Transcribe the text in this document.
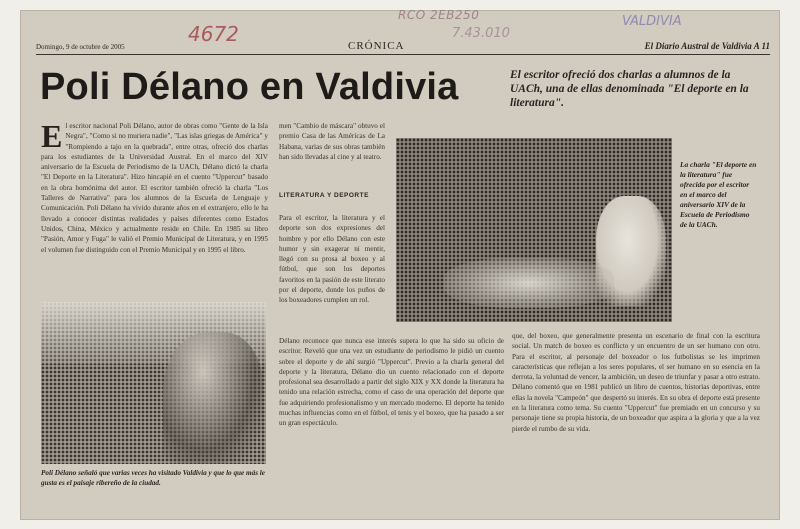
4672
RCO 2EB250
7.43.010
VALDIVIA
Domingo, 9 de octubre de 2005	CRÓNICA	El Diario Austral de Valdivia A 11
Poli Délano en Valdivia	El escritor ofreció dos charlas a alumnos de la UACh, una de ellas denominada "El deporte en la literatura".
El escritor nacional Poli Délano, autor de obras como "Gente de la Isla Negra", "Como si no muriera nadie", "Las islas griegas de América" y "Rompiendo a tajo en la quebrada", entre otras, ofreció dos charlas para los estudiantes de la Universidad Austral. En el marco del XIV aniversario de la Escuela de Periodismo de la UACh, Délano dictó la charla "El Deporte en la Literatura". Hizo hincapié en el cuento "Uppercut" basado en la obra homónima del autor. El escritor también ofreció la charla "Los Talleres de Narrativa" para los alumnos de la Escuela de Lenguaje y Comunicación. Poli Délano ha vivido durante años en el extranjero, ello le ha llevado a conocer distintas realidades y países diferentes como Estados Unidos, China, México y actualmente reside en Chile. En 1985 su libro "Pasión, Amor y Fuga" le valió el Premio Municipal de Literatura, y en 1995 el volumen fue distinguido con el Premio Municipal y en 1995 el libro.
men "Cambio de máscara" obtuvo el premio Casa de las Américas de La Habana, varias de sus obras también han sido llevadas al cine y al teatro.
LITERATURA Y DEPORTE
Para el escritor, la literatura y el deporte son dos expresiones del hombre y por ello Délano con este humor y sin exagerar ni mentir, llegó con su prosa al boxeo y al fútbol, que son los deportes favoritos en la pasión de este literato por el deporte, donde los puños de los boxeadores cumplen un rol.
La charla "El deporte en la literatura" fue ofrecida por el escritor en el marco del aniversario XIV de la Escuela de Periodismo de la UACh.
Délano reconoce que nunca ese interés supera lo que ha sido su oficio de escritor. Reveló que una vez un estudiante de periodismo le pidió un cuento sobre el deporte y de ahí surgió "Uppercut". Previo a la charla general del deporte y la literatura, Délano dio un cuento relacionado con el deporte profesional sea desarrollado a partir del siglo XIX y XX donde la literatura ha tenido una relación estrecha, como el caso de una operación del deporte que fue adquiriendo profesionalismo y un mercado moderno. El deporte ha tenido muchas influencias como en el fútbol, el tenis y el boxeo, que ha pasado a ser un gran espectáculo.
que, del boxeo, que generalmente presenta un escenario de final con la escritura social. Un match de boxeo es conflicto y un encuentro de un ser humano con otro. Para el escritor, al personaje del boxeador o los futbolistas se les imprimen características que reflejan a los seres populares, el ser humano en su esencia en la derrota, la voluntad de vencer, la ambición, un deseo de triunfar y pasar a otro estrato. Délano comentó que en 1981 publicó un libro de cuentos, historias deportivas, entre ellas la novela "Campeón" que despertó su interés. En su obra el deporte está presente en la literatura como tema. Su cuento "Uppercut" fue premiado en un concurso y su personaje tiene su propia historia, de un boxeador que aspira a la gloria y que a la vez pierde el rumbo de su vida.
Poli Délano señaló que varias veces ha visitado Valdivia y que lo que más le gusta es el paisaje ribereño de la ciudad.
